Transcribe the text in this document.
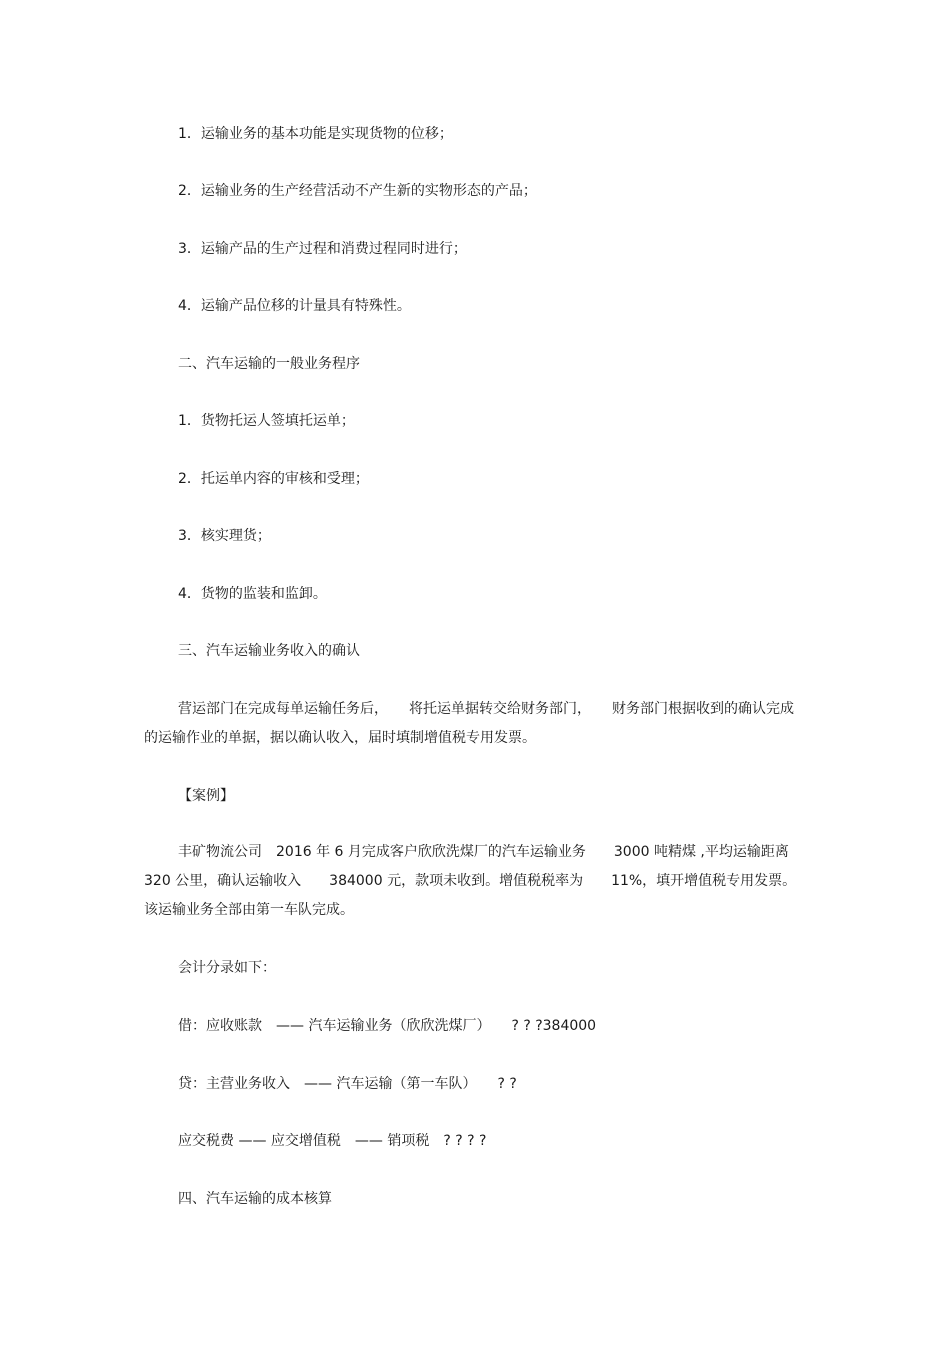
1．运输业务的基本功能是实现货物的位移；

2．运输业务的生产经营活动不产生新的实物形态的产品；

3．运输产品的生产过程和消费过程同时进行；

4．运输产品位移的计量具有特殊性。

二、汽车运输的一般业务程序

1．货物托运人签填托运单；

2．托运单内容的审核和受理；

3．核实理货；

4．货物的监装和监卸。

三、汽车运输业务收入的确认

营运部门在完成每单运输任务后，　　将托运单据转交给财务部门，　　财务部门根据收到的确认完成的运输作业的单据，据以确认收入，届时填制增值税专用发票。

【案例】

丰矿物流公司　2016 年 6 月完成客户欣欣洗煤厂的汽车运输业务　　3000 吨精煤 ,平均运输距离 320 公里，确认运输收入　　384000 元，款项未收到。增值税税率为　　11%，填开增值税专用发票。该运输业务全部由第一车队完成。

会计分录如下：

借：应收账款　—— 汽车运输业务（欣欣洗煤厂）　　? ? ?384000

贷：主营业务收入　—— 汽车运输（第一车队）　　? ?

应交税费 —— 应交增值税　—— 销项税　? ? ? ?

四、汽车运输的成本核算
